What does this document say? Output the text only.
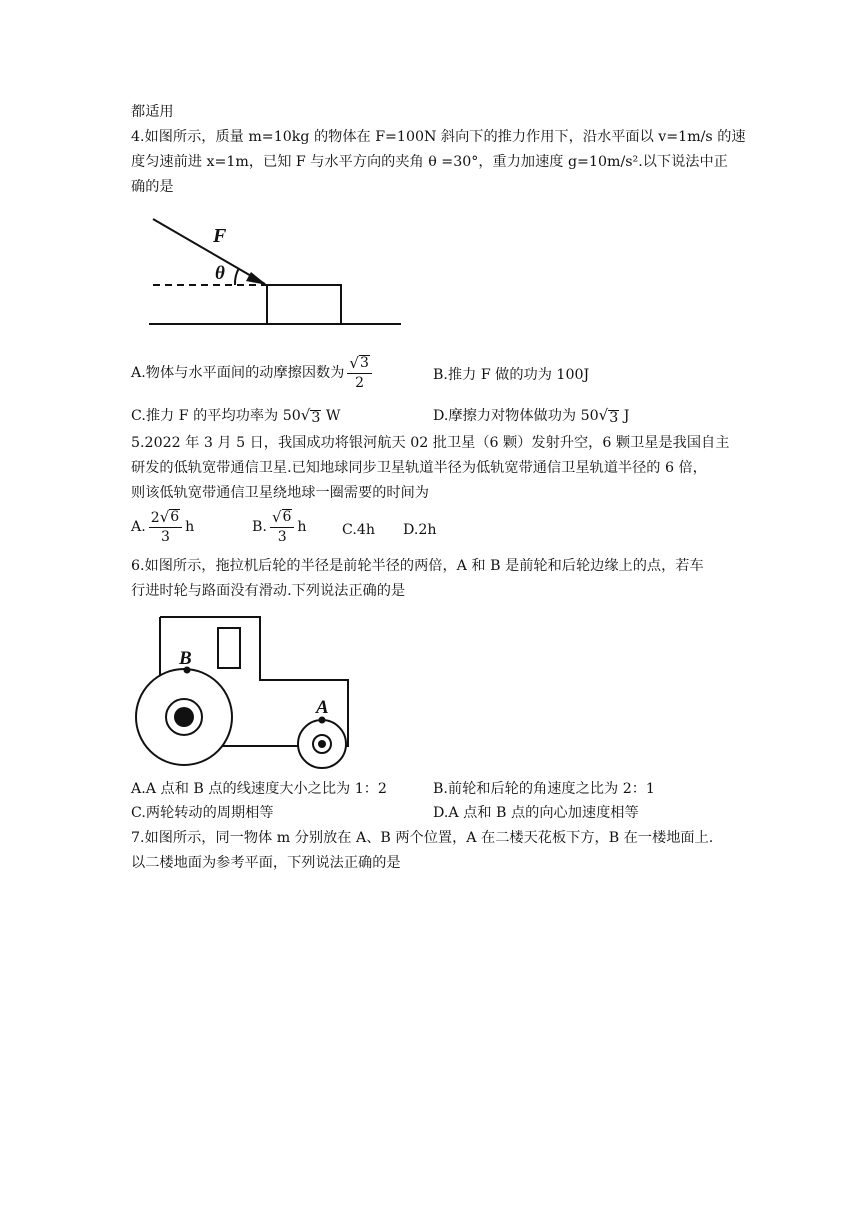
都适用
4.如图所示，质量 m=10kg 的物体在 F=100N 斜向下的推力作用下，沿水平面以 v=1m/s 的速
度匀速前进 x=1m，已知 F 与水平方向的夹角 θ =30°，重力加速度 g=10m/s².以下说法中正
确的是
F
θ
A.物体与水平面间的动摩擦因数为 $\frac{√ 3}{2}$	B.推力 F 做的功为 100J
C.推力 F 的平均功率为 50 √ 3 W	D.摩擦力对物体做功为 50 √ 3 J
5.2022 年 3 月 5 日，我国成功将银河航天 02 批卫星（6 颗）发射升空，6 颗卫星是我国自主
研发的低轨宽带通信卫星.已知地球同步卫星轨道半径为低轨宽带通信卫星轨道半径的 6 倍，
则该低轨宽带通信卫星绕地球一圈需要的时间为
A. $\frac{2 √ 6}{3}$ h	B. $\frac{√ 6}{3}$ h C.4h D.2h
6.如图所示，拖拉机后轮的半径是前轮半径的两倍，A 和 B 是前轮和后轮边缘上的点，若车
行进时轮与路面没有滑动.下列说法正确的是
B
A
A.A 点和 B 点的线速度大小之比为 1：2	B.前轮和后轮的角速度之比为 2：1
C.两轮转动的周期相等	D.A 点和 B 点的向心加速度相等
7.如图所示，同一物体 m 分别放在 A、B 两个位置，A 在二楼天花板下方，B 在一楼地面上.
以二楼地面为参考平面，下列说法正确的是
